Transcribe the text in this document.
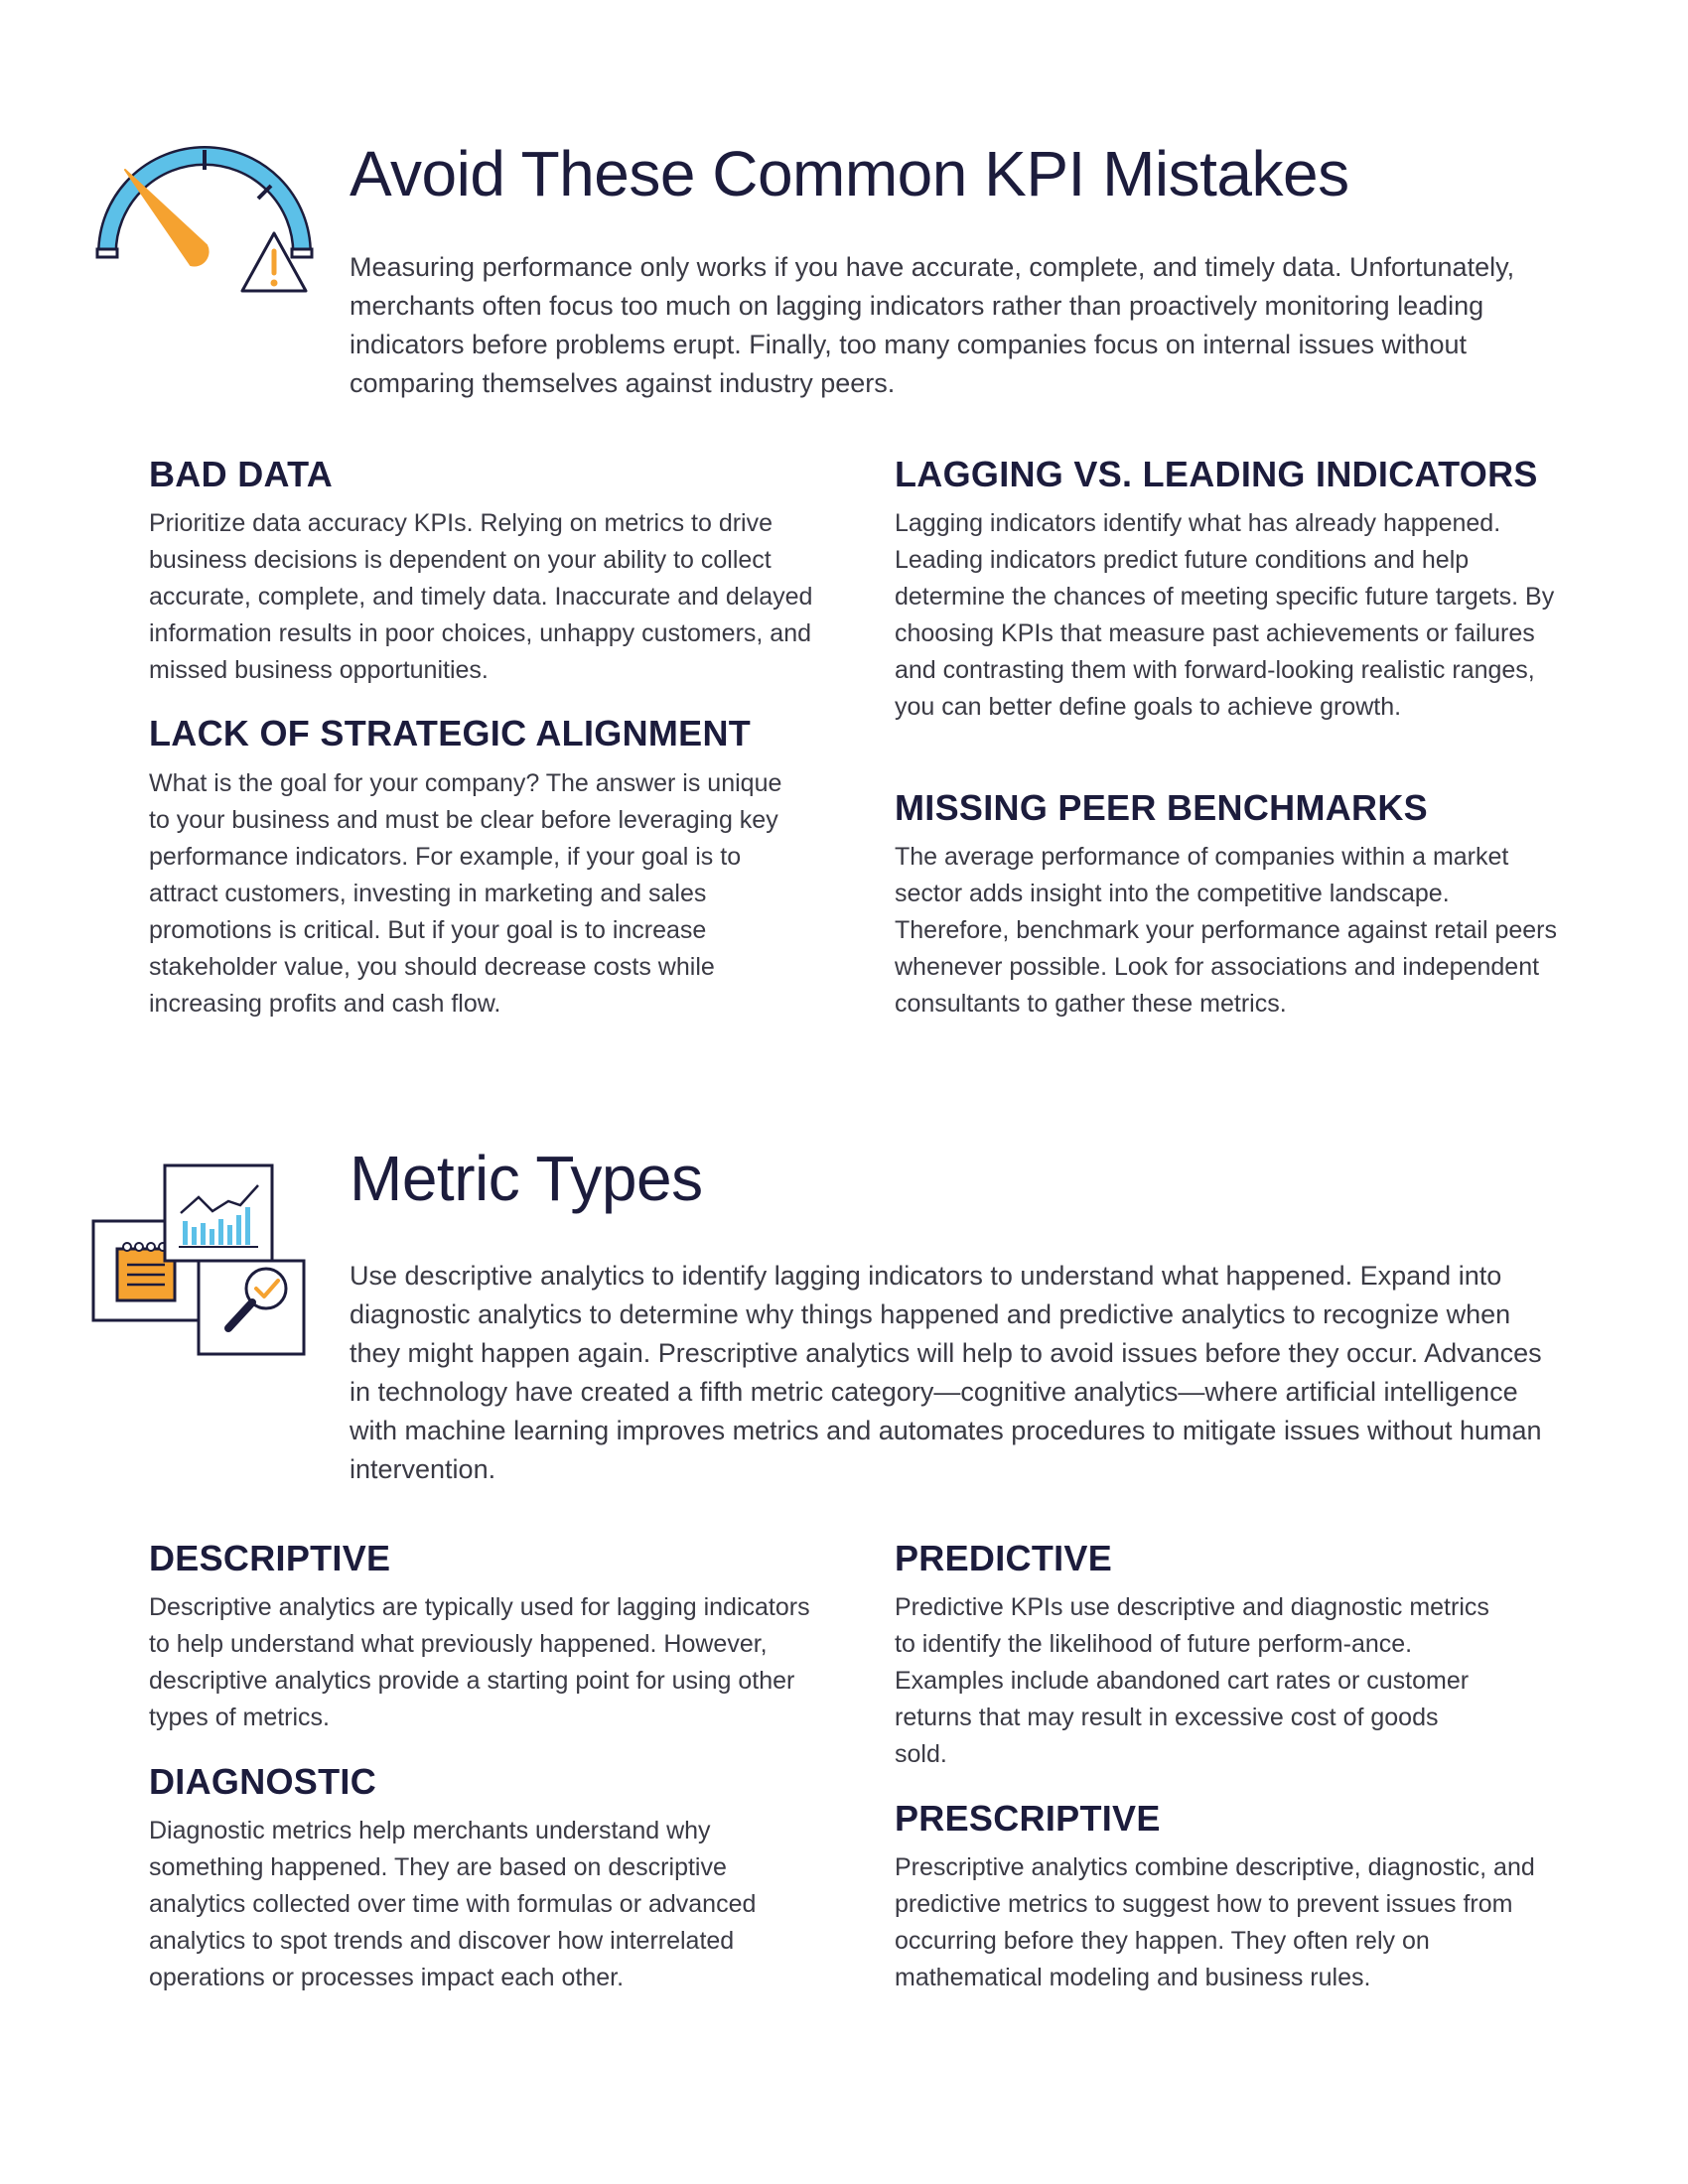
Avoid These Common KPI Mistakes

Measuring performance only works if you have accurate, complete, and timely data. Unfortunately, merchants often focus too much on lagging indicators rather than proactively monitoring leading indicators before problems erupt. Finally, too many companies focus on internal issues without comparing themselves against industry peers.

BAD DATA

Prioritize data accuracy KPIs. Relying on metrics to drive business decisions is dependent on your ability to collect accurate, complete, and timely data. Inaccurate and delayed information results in poor choices, unhappy customers, and missed business opportunities.

LACK OF STRATEGIC ALIGNMENT

What is the goal for your company? The answer is unique to your business and must be clear before leveraging key performance indicators. For example, if your goal is to attract customers, investing in marketing and sales promotions is critical. But if your goal is to increase stakeholder value, you should decrease costs while increasing profits and cash flow.

LAGGING VS. LEADING INDICATORS

Lagging indicators identify what has already happened. Leading indicators predict future conditions and help determine the chances of meeting specific future targets. By choosing KPIs that measure past achievements or failures and contrasting them with forward-looking realistic ranges, you can better define goals to achieve growth.

MISSING PEER BENCHMARKS

The average performance of companies within a market sector adds insight into the competitive landscape. Therefore, benchmark your performance against retail peers whenever possible. Look for associations and independent consultants to gather these metrics.

Metric Types

Use descriptive analytics to identify lagging indicators to understand what happened. Expand into diagnostic analytics to determine why things happened and predictive analytics to recognize when they might happen again. Prescriptive analytics will help to avoid issues before they occur. Advances in technology have created a fifth metric category—cognitive analytics—where artificial intelligence with machine learning improves metrics and automates procedures to mitigate issues without human intervention.

DESCRIPTIVE

Descriptive analytics are typically used for lagging indicators to help understand what previously happened. However, descriptive analytics provide a starting point for using other types of metrics.

DIAGNOSTIC

Diagnostic metrics help merchants understand why something happened. They are based on descriptive analytics collected over time with formulas or advanced analytics to spot trends and discover how interrelated operations or processes impact each other.

PREDICTIVE

Predictive KPIs use descriptive and diagnostic metrics to identify the likelihood of future perform-ance. Examples include abandoned cart rates or customer returns that may result in excessive cost of goods sold.

PRESCRIPTIVE

Prescriptive analytics combine descriptive, diagnostic, and predictive metrics to suggest how to prevent issues from occurring before they happen. They often rely on mathematical modeling and business rules.
